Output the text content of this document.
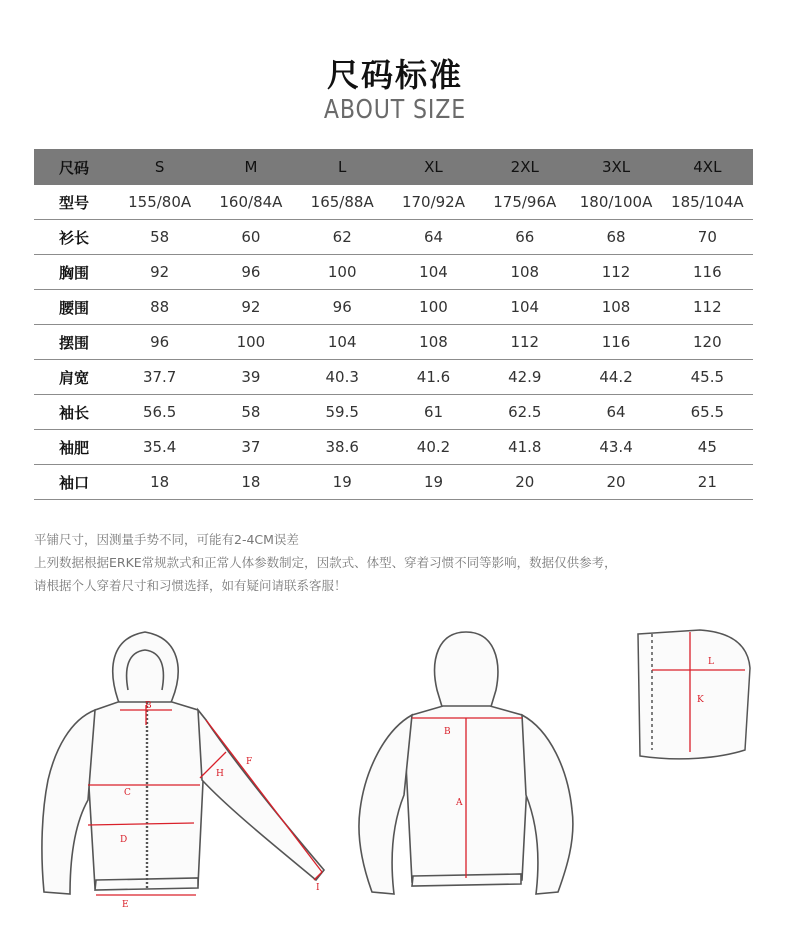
尺码标准
ABOUT SIZE
尺码	S	M	L	XL	2XL	3XL	4XL
型号	155/80A	160/84A	165/88A	170/92A	175/96A	180/100A	185/104A
衫长	58	60	62	64	66	68	70
胸围	92	96	100	104	108	112	116
腰围	88	92	96	100	104	108	112
摆围	96	100	104	108	112	116	120
肩宽	37.7	39	40.3	41.6	42.9	44.2	45.5
袖长	56.5	58	59.5	61	62.5	64	65.5
袖肥	35.4	37	38.6	40.2	41.8	43.4	45
袖口	18	18	19	19	20	20	21
平铺尺寸，因测量手势不同，可能有2-4CM误差
上列数据根据ERKE常规款式和正常人体参数制定，因款式、体型、穿着习惯不同等影响，数据仅供参考，
请根据个人穿着尺寸和习惯选择，如有疑问请联系客服！
B
C
D
E
F
H
I
B
A
L
K
